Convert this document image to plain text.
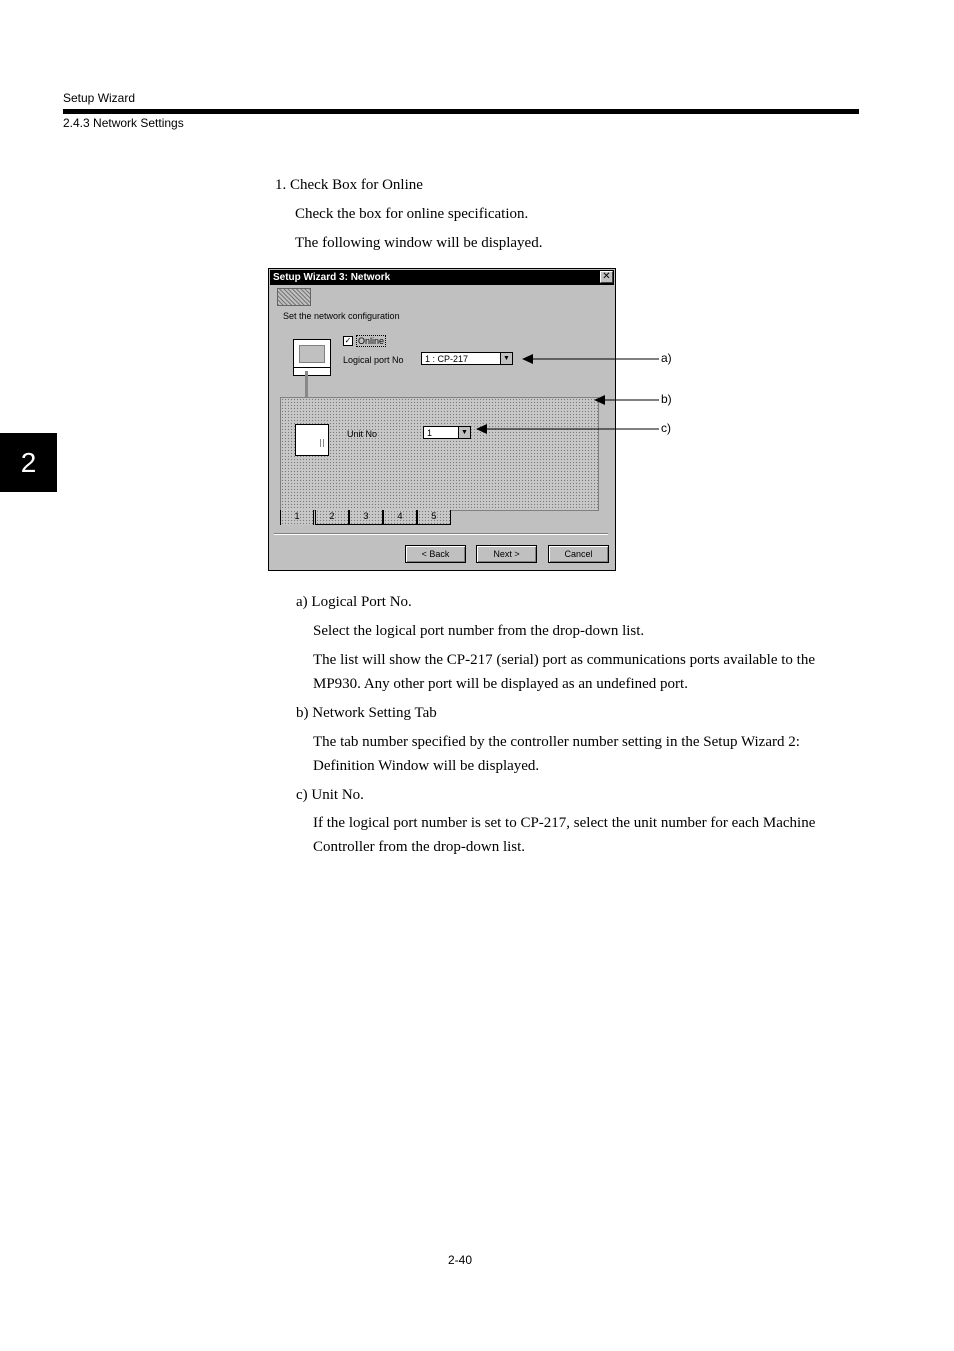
Setup Wizard
2.4.3 Network Settings
2
1. Check Box for Online
Check the box for online specification.
The following window will be displayed.
Setup Wizard 3: Network	✕
Set the network configuration
✓ Online
Logical port No	1 : CP-217	▼
Unit No	1	▼
1	2	3	4	5
< Back	Next >	Cancel
a)
b)
c)
a) Logical Port No.
Select the logical port number from the drop-down list.
The list will show the CP-217 (serial) port as communications ports available to the
MP930. Any other port will be displayed as an undefined port.
b) Network Setting Tab
The tab number specified by the controller number setting in the Setup Wizard 2:
Definition Window will be displayed.
c) Unit No.
If the logical port number is set to CP-217, select the unit number for each Machine
Controller from the drop-down list.
2-40
